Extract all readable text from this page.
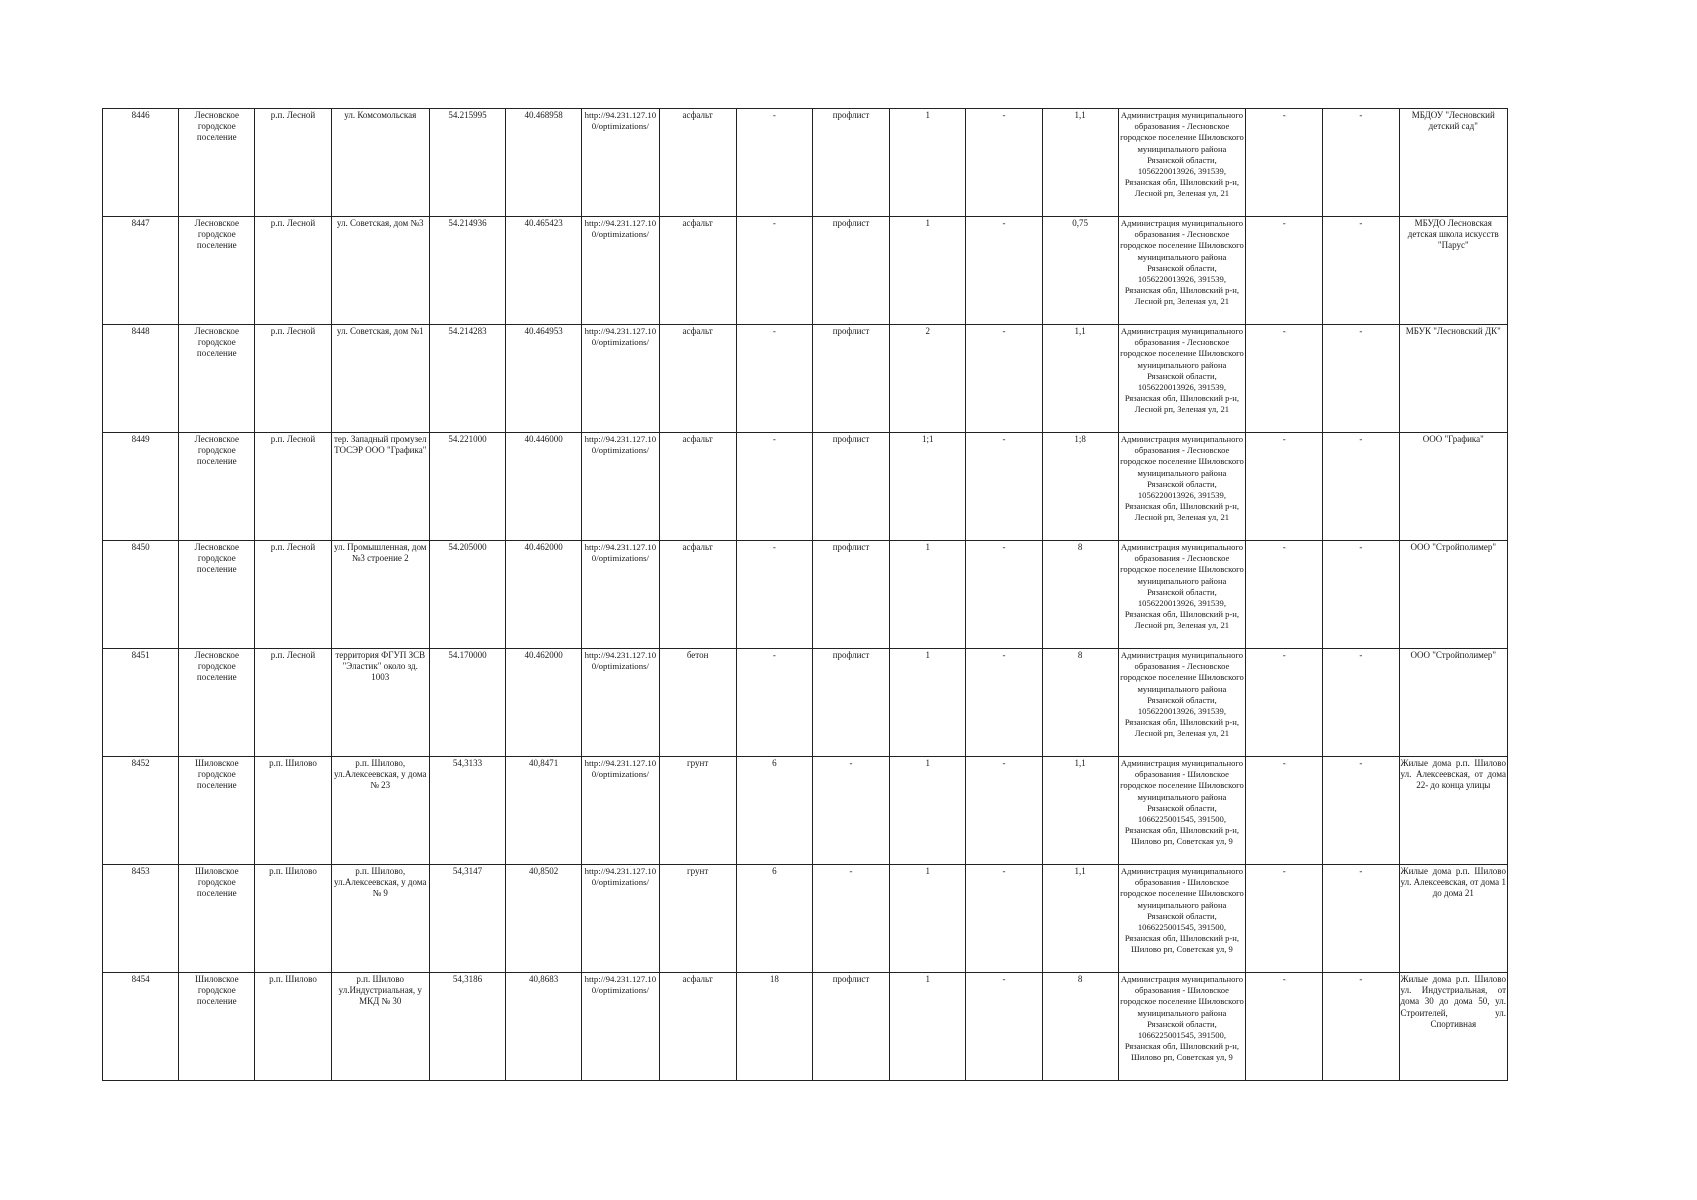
8446	Лесновское городское поселение	р.п. Лесной	ул. Комсомольская	54.215995	40.468958	http://94.231.127.100/optimizations/	асфальт	-	профлист	1	-	1,1	Администрация муниципального образования - Лесновское городское поселение Шиловского муниципального района Рязанской области, 1056220013926, 391539, Рязанская обл, Шиловский р-н, Лесной рп, Зеленая ул, 21	-	-	МБДОУ "Лесновский детский сад"
8447	Лесновское городское поселение	р.п. Лесной	ул. Советская, дом №3	54.214936	40.465423	http://94.231.127.100/optimizations/	асфальт	-	профлист	1	-	0,75	Администрация муниципального образования - Лесновское городское поселение Шиловского муниципального района Рязанской области, 1056220013926, 391539, Рязанская обл, Шиловский р-н, Лесной рп, Зеленая ул, 21	-	-	МБУДО Лесновская детская школа искусств "Парус"
8448	Лесновское городское поселение	р.п. Лесной	ул. Советская, дом №1	54.214283	40.464953	http://94.231.127.100/optimizations/	асфальт	-	профлист	2	-	1,1	Администрация муниципального образования - Лесновское городское поселение Шиловского муниципального района Рязанской области, 1056220013926, 391539, Рязанская обл, Шиловский р-н, Лесной рп, Зеленая ул, 21	-	-	МБУК "Лесновский ДК"
8449	Лесновское городское поселение	р.п. Лесной	тер. Западный промузел ТОСЭР ООО "Графика"	54.221000	40.446000	http://94.231.127.100/optimizations/	асфальт	-	профлист	1;1	-	1;8	Администрация муниципального образования - Лесновское городское поселение Шиловского муниципального района Рязанской области, 1056220013926, 391539, Рязанская обл, Шиловский р-н, Лесной рп, Зеленая ул, 21	-	-	ООО "Графика"
8450	Лесновское городское поселение	р.п. Лесной	ул. Промышленная, дом №3 строение 2	54.205000	40.462000	http://94.231.127.100/optimizations/	асфальт	-	профлист	1	-	8	Администрация муниципального образования - Лесновское городское поселение Шиловского муниципального района Рязанской области, 1056220013926, 391539, Рязанская обл, Шиловский р-н, Лесной рп, Зеленая ул, 21	-	-	ООО "Стройполимер"
8451	Лесновское городское поселение	р.п. Лесной	территория ФГУП ЗСВ "Эластик" около зд. 1003	54.170000	40.462000	http://94.231.127.100/optimizations/	бетон	-	профлист	1	-	8	Администрация муниципального образования - Лесновское городское поселение Шиловского муниципального района Рязанской области, 1056220013926, 391539, Рязанская обл, Шиловский р-н, Лесной рп, Зеленая ул, 21	-	-	ООО "Стройполимер"
8452	Шиловское городское поселение	р.п. Шилово	р.п. Шилово, ул.Алексеевская, у дома № 23	54,3133	40,8471	http://94.231.127.100/optimizations/	грунт	6	-	1	-	1,1	Администрация муниципального образования - Шиловское городское поселение Шиловского муниципального района Рязанской области, 1066225001545, 391500, Рязанская обл, Шиловский р-н, Шилово рп, Советская ул, 9	-	-	Жилые дома р.п. Шилово ул. Алексеевская, от дома 22- до конца улицы
8453	Шиловское городское поселение	р.п. Шилово	р.п. Шилово, ул.Алексеевская, у дома № 9	54,3147	40,8502	http://94.231.127.100/optimizations/	грунт	6	-	1	-	1,1	Администрация муниципального образования - Шиловское городское поселение Шиловского муниципального района Рязанской области, 1066225001545, 391500, Рязанская обл, Шиловский р-н, Шилово рп, Советская ул, 9	-	-	Жилые дома р.п. Шилово ул. Алексеевская, от дома 1 до дома 21
8454	Шиловское городское поселение	р.п. Шилово	р.п. Шилово ул.Индустриальная, у МКД № 30	54,3186	40,8683	http://94.231.127.100/optimizations/	асфальт	18	профлист	1	-	8	Администрация муниципального образования - Шиловское городское поселение Шиловского муниципального района Рязанской области, 1066225001545, 391500, Рязанская обл, Шиловский р-н, Шилово рп, Советская ул, 9	-	-	Жилые дома р.п. Шилово ул. Индустриальная, от дома 30 до дома 50, ул. Строителей, ул. Спортивная
